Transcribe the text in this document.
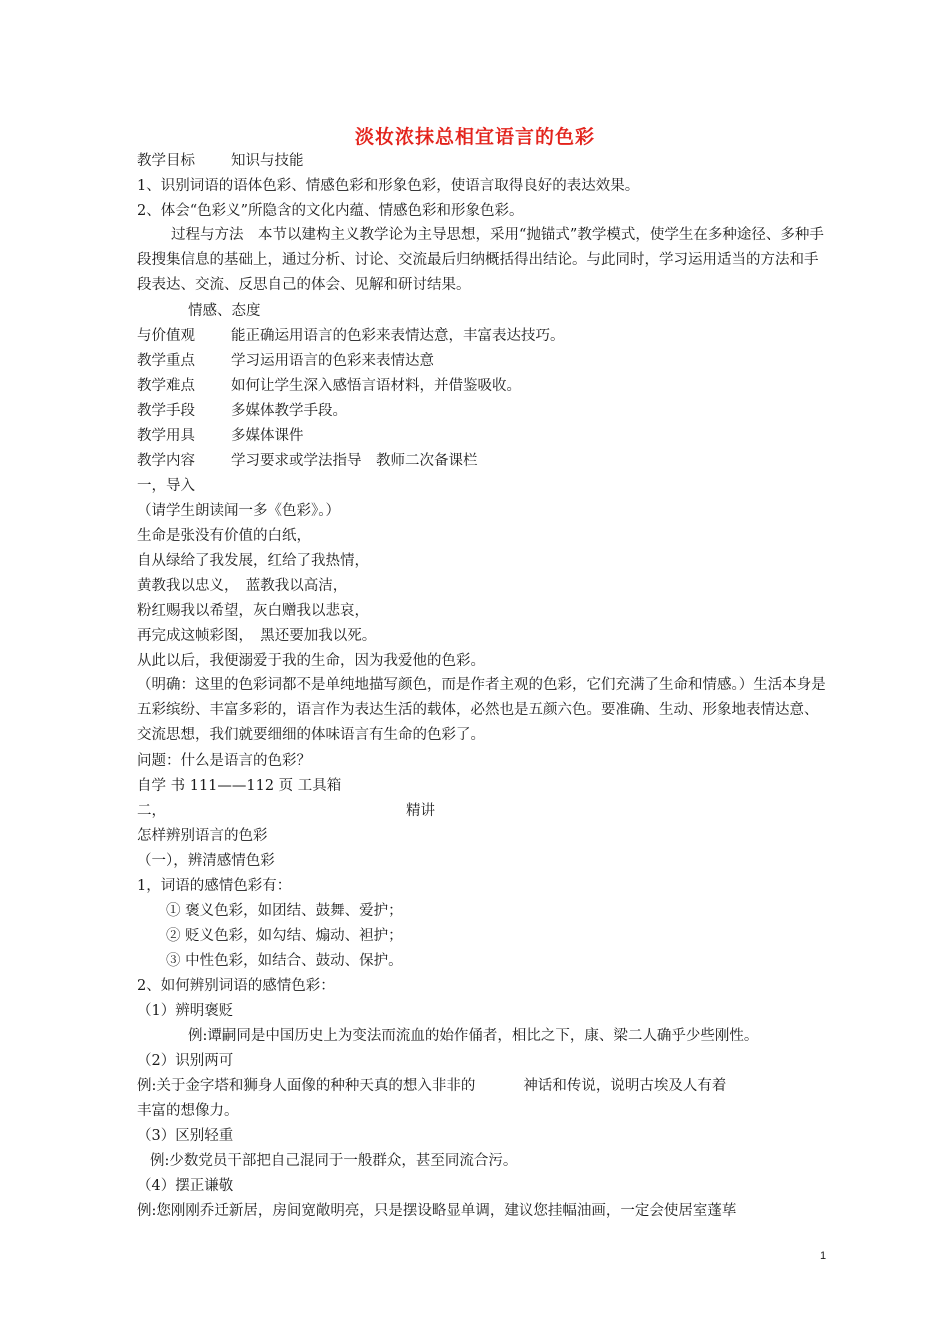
淡妆浓抹总相宜语言的色彩
教学目标 知识与技能
1、识别词语的语体色彩、情感色彩和形象色彩，使语言取得良好的表达效果。
2、体会“色彩义”所隐含的文化内蕴、情感色彩和形象色彩。
过程与方法　本节以建构主义教学论为主导思想，采用“抛锚式”教学模式，使学生在多种途径、多种手段搜集信息的基础上，通过分析、讨论、交流最后归纳概括得出结论。与此同时，学习运用适当的方法和手段表达、交流、反思自己的体会、见解和研讨结果。
情感、态度
与价值观 能正确运用语言的色彩来表情达意，丰富表达技巧。
教学重点 学习运用语言的色彩来表情达意
教学难点 如何让学生深入感悟言语材料，并借鉴吸收。
教学手段 多媒体教学手段。
教学用具 多媒体课件
教学内容 学习要求或学法指导　教师二次备课栏
一，导入
（请学生朗读闻一多《色彩》。）
生命是张没有价值的白纸，
自从绿给了我发展，红给了我热情，
黄教我以忠义，　蓝教我以高洁，
粉红赐我以希望，灰白赠我以悲哀，
再完成这帧彩图，　黑还要加我以死。
从此以后，我便溺爱于我的生命，因为我爱他的色彩。
（明确：这里的色彩词都不是单纯地描写颜色，而是作者主观的色彩，它们充满了生命和情感。）生活本身是五彩缤纷、丰富多彩的，语言作为表达生活的载体，必然也是五颜六色。要准确、生动、形象地表情达意、交流思想，我们就要细细的体味语言有生命的色彩了。
问题：什么是语言的色彩？
自学 书 111——112 页 工具箱
二，	精讲
怎样辨别语言的色彩
（一），辨清感情色彩
1，词语的感情色彩有：
① 褒义色彩，如团结、鼓舞、爱护；
② 贬义色彩，如勾结、煽动、袒护；
③ 中性色彩，如结合、鼓动、保护。
2、如何辨别词语的感情色彩：
（1）辨明褒贬
例:谭嗣同是中国历史上为变法而流血的始作俑者，相比之下，康、梁二人确乎少些刚性。
（2）识别两可
例:关于金字塔和狮身人面像的种种天真的想入非非的	神话和传说，说明古埃及人有着
丰富的想像力。
（3）区别轻重
例:少数党员干部把自己混同于一般群众，甚至同流合污。
（4）摆正谦敬
例:您刚刚乔迁新居，房间宽敞明亮，只是摆设略显单调，建议您挂幅油画，一定会使居室蓬荜
1
